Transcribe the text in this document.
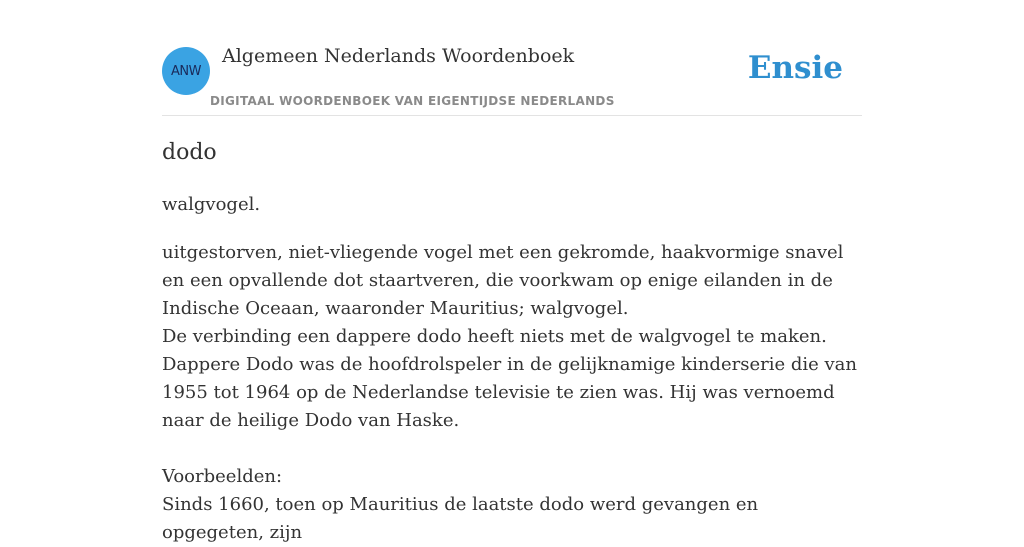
ANW
Algemeen Nederlands Woordenboek
DIGITAAL WOORDENBOEK VAN EIGENTIJDSE NEDERLANDS
Ensie
dodo

walgvogel.

uitgestorven, niet-vliegende vogel met een gekromde, haakvormige snavel en een opvallende dot staartveren, die voorkwam op enige eilanden in de Indische Oceaan, waaronder Mauritius; walgvogel.

De verbinding een dappere dodo heeft niets met de walgvogel te maken. Dappere Dodo was de hoofdrolspeler in de gelijknamige kinderserie die van 1955 tot 1964 op de Nederlandse televisie te zien was. Hij was vernoemd naar de heilige Dodo van Haske.

Voorbeelden:

Sinds 1660, toen op Mauritius de laatste dodo werd gevangen en opgegeten, zijn
